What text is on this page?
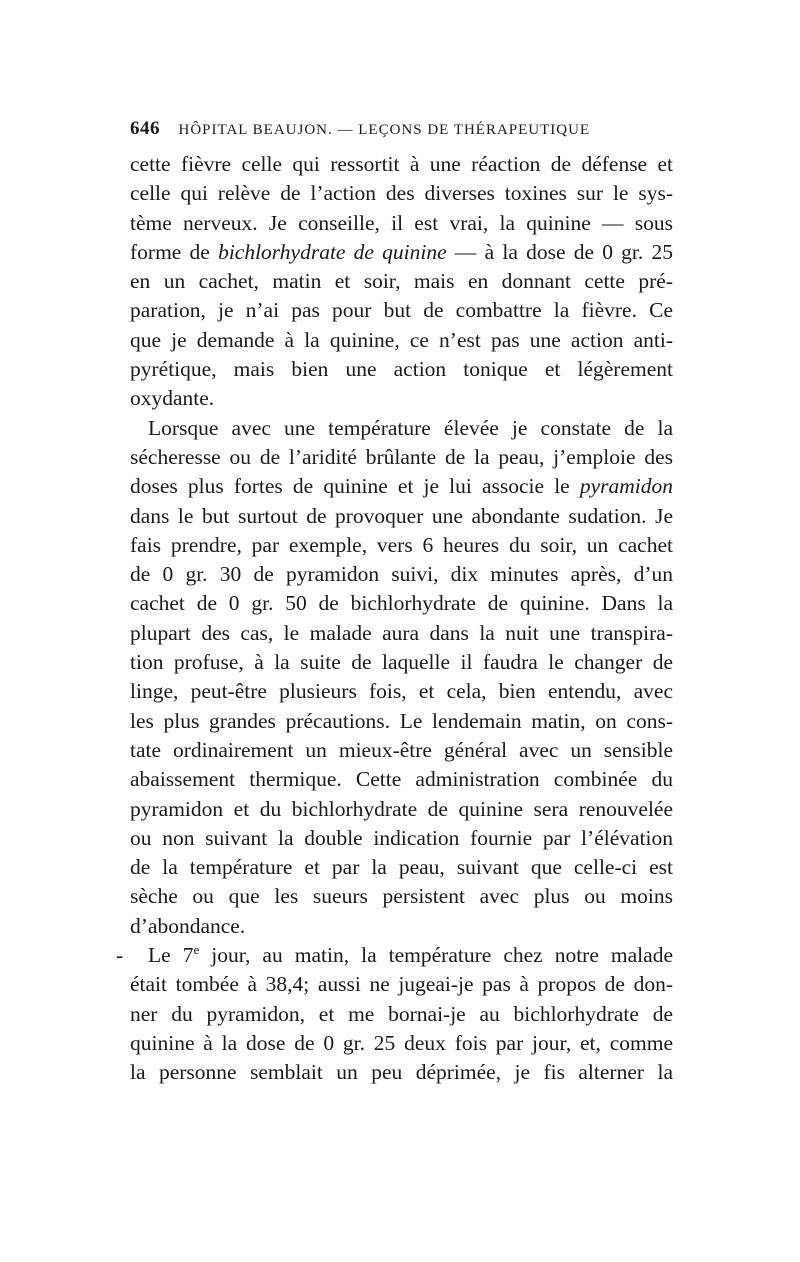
646 HÔPITAL BEAUJON. — LEÇONS DE THÉRAPEUTIQUE
cette fièvre celle qui ressortit à une réaction de défense et
celle qui relève de l’action des diverses toxines sur le sys-
tème nerveux. Je conseille, il est vrai, la quinine — sous
forme de bichlorhydrate de quinine — à la dose de 0 gr. 25
en un cachet, matin et soir, mais en donnant cette pré-
paration, je n’ai pas pour but de combattre la fièvre. Ce
que je demande à la quinine, ce n’est pas une action anti-
pyrétique, mais bien une action tonique et légèrement
oxydante.
Lorsque avec une température élevée je constate de la
sécheresse ou de l’aridité brûlante de la peau, j’emploie des
doses plus fortes de quinine et je lui associe le pyramidon
dans le but surtout de provoquer une abondante sudation. Je
fais prendre, par exemple, vers 6 heures du soir, un cachet
de 0 gr. 30 de pyramidon suivi, dix minutes après, d’un
cachet de 0 gr. 50 de bichlorhydrate de quinine. Dans la
plupart des cas, le malade aura dans la nuit une transpira-
tion profuse, à la suite de laquelle il faudra le changer de
linge, peut-être plusieurs fois, et cela, bien entendu, avec
les plus grandes précautions. Le lendemain matin, on cons-
tate ordinairement un mieux-être général avec un sensible
abaissement thermique. Cette administration combinée du
pyramidon et du bichlorhydrate de quinine sera renouvelée
ou non suivant la double indication fournie par l’élévation
de la température et par la peau, suivant que celle-ci est
sèche ou que les sueurs persistent avec plus ou moins
d’abondance.
-	Le 7e jour, au matin, la température chez notre malade
était tombée à 38,4; aussi ne jugeai-je pas à propos de don-
ner du pyramidon, et me bornai-je au bichlorhydrate de
quinine à la dose de 0 gr. 25 deux fois par jour, et, comme
la personne semblait un peu déprimée, je fis alterner la
